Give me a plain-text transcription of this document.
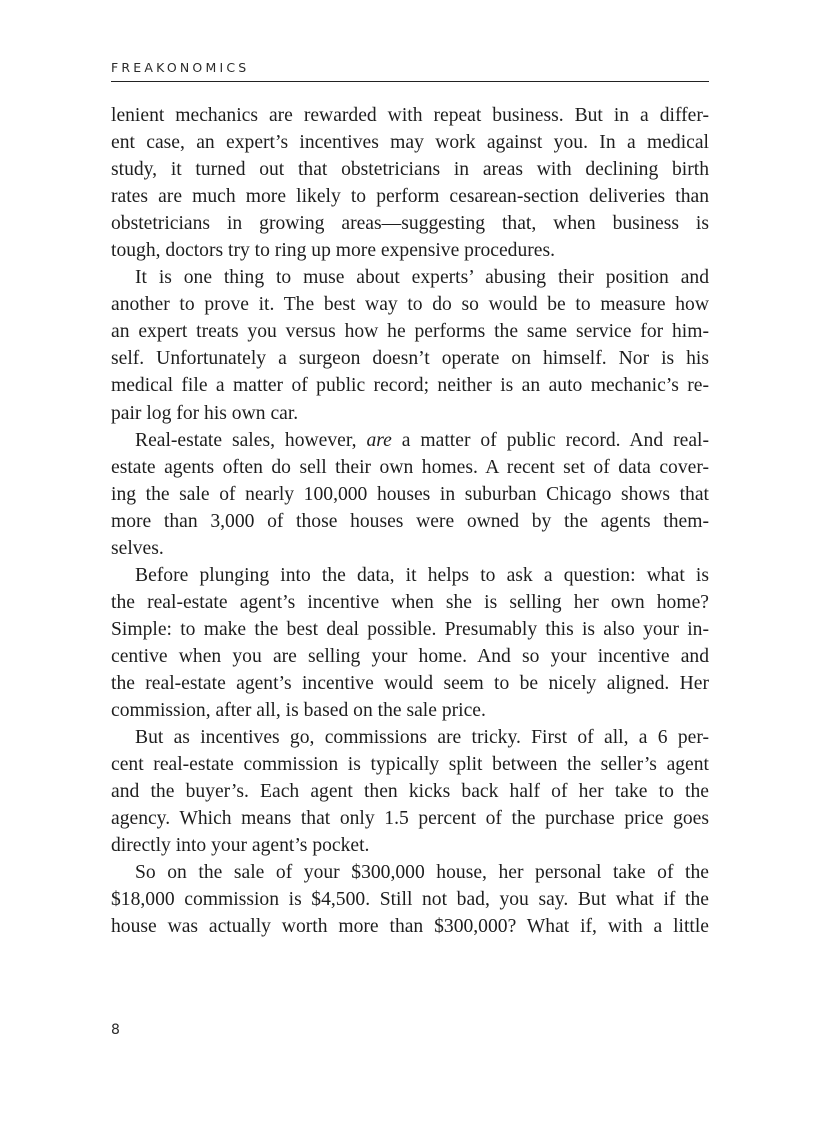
FREAKONOMICS
lenient mechanics are rewarded with repeat business. But in a differ-
ent case, an expert’s incentives may work against you. In a medical
study, it turned out that obstetricians in areas with declining birth
rates are much more likely to perform cesarean-section deliveries than
obstetricians in growing areas—suggesting that, when business is
tough, doctors try to ring up more expensive procedures.
It is one thing to muse about experts’ abusing their position and
another to prove it. The best way to do so would be to measure how
an expert treats you versus how he performs the same service for him-
self. Unfortunately a surgeon doesn’t operate on himself. Nor is his
medical file a matter of public record; neither is an auto mechanic’s re-
pair log for his own car.
Real-estate sales, however, are a matter of public record. And real-
estate agents often do sell their own homes. A recent set of data cover-
ing the sale of nearly 100,000 houses in suburban Chicago shows that
more than 3,000 of those houses were owned by the agents them-
selves.
Before plunging into the data, it helps to ask a question: what is
the real-estate agent’s incentive when she is selling her own home?
Simple: to make the best deal possible. Presumably this is also your in-
centive when you are selling your home. And so your incentive and
the real-estate agent’s incentive would seem to be nicely aligned. Her
commission, after all, is based on the sale price.
But as incentives go, commissions are tricky. First of all, a 6 per-
cent real-estate commission is typically split between the seller’s agent
and the buyer’s. Each agent then kicks back half of her take to the
agency. Which means that only 1.5 percent of the purchase price goes
directly into your agent’s pocket.
So on the sale of your $300,000 house, her personal take of the
$18,000 commission is $4,500. Still not bad, you say. But what if the
house was actually worth more than $300,000? What if, with a little
8
